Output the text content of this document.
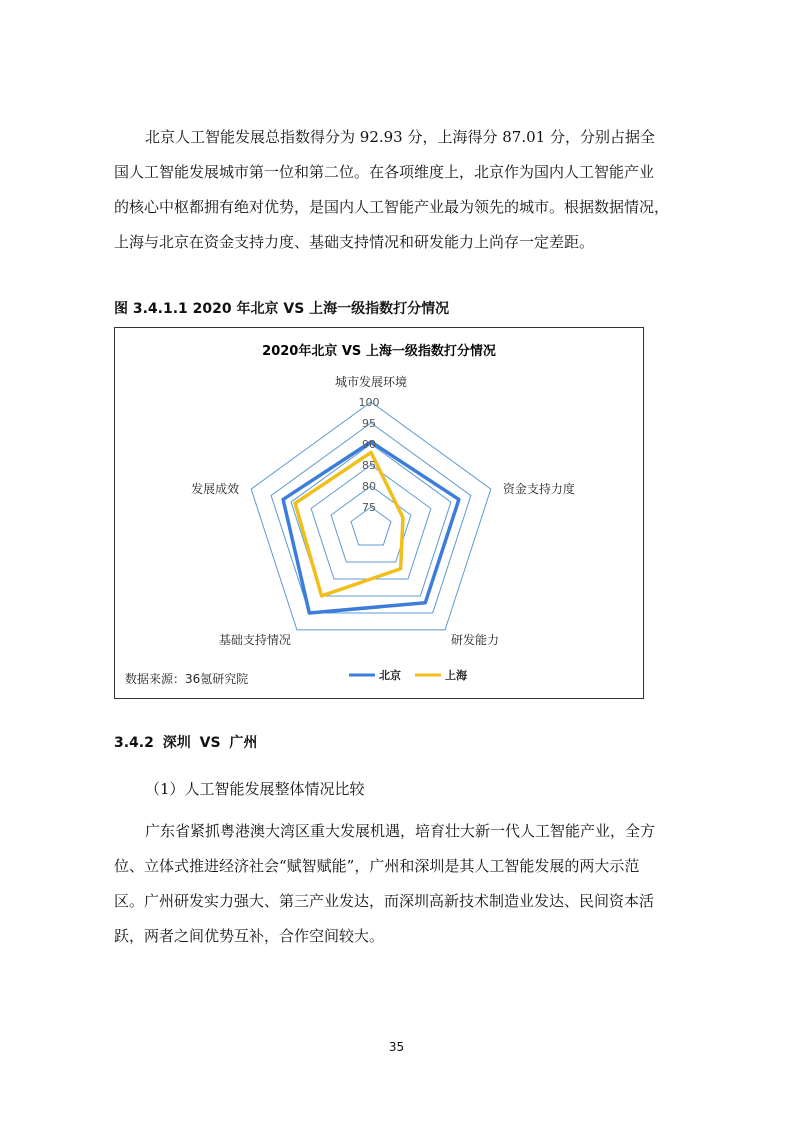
北京人工智能发展总指数得分为 92.93 分，上海得分 87.01 分，分别占据全
国人工智能发展城市第一位和第二位。在各项维度上，北京作为国内人工智能产业
的核心中枢都拥有绝对优势，是国内人工智能产业最为领先的城市。根据数据情况，
上海与北京在资金支持力度、基础支持情况和研发能力上尚存一定差距。

图 3.4.1.1 2020 年北京 VS 上海一级指数打分情况

2020年北京 VS 上海一级指数打分情况
城市发展环境
资金支持力度
研发能力
基础支持情况
发展成效
75
80
85
90
95
100
数据来源：36氪研究院	北京	上海

3.4.2 深圳 VS 广州

（1）人工智能发展整体情况比较

广东省紧抓粤港澳大湾区重大发展机遇，培育壮大新一代人工智能产业，全方
位、立体式推进经济社会“赋智赋能”，广州和深圳是其人工智能发展的两大示范
区。广州研发实力强大、第三产业发达，而深圳高新技术制造业发达、民间资本活
跃，两者之间优势互补，合作空间较大。

35
